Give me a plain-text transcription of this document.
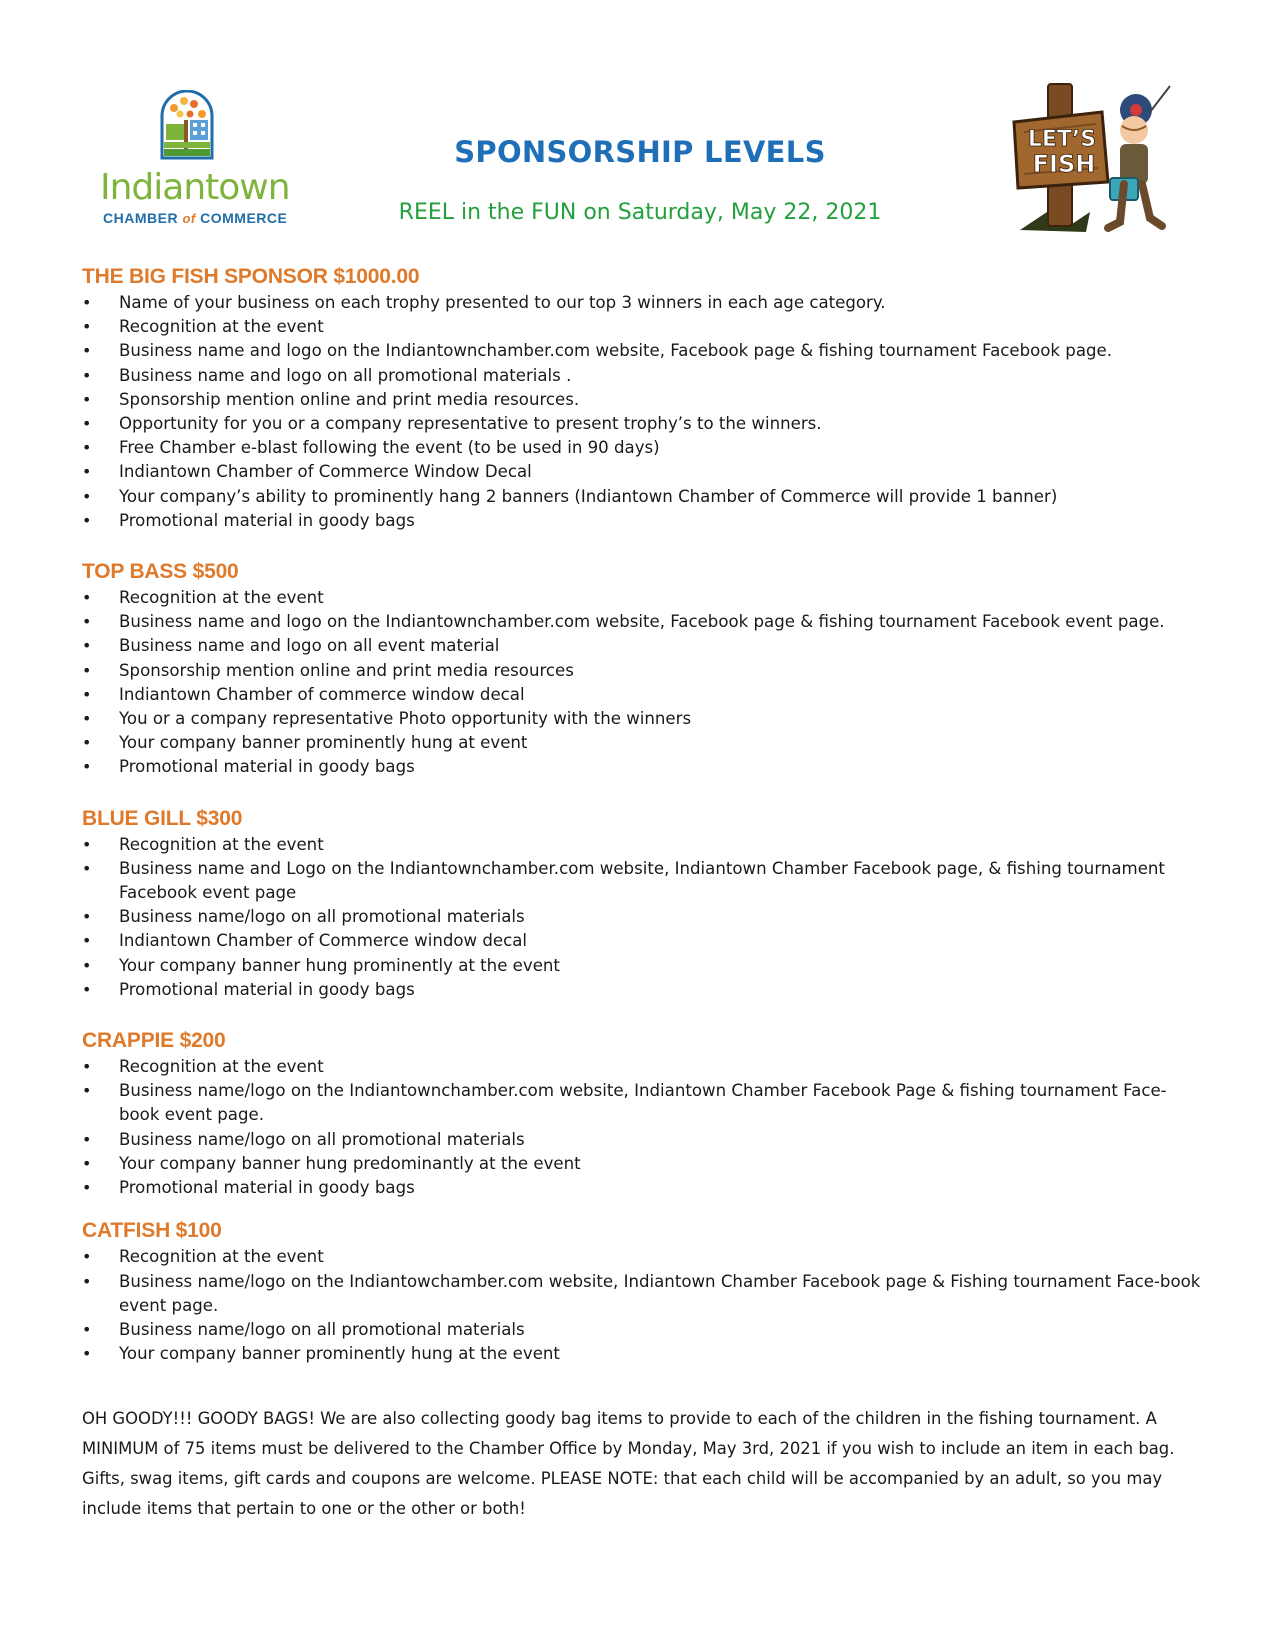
Indiantown
CHAMBER of COMMERCE
SPONSORSHIP LEVELS

REEL in the FUN on Saturday, May 22, 2021

LET’S
FISH
THE BIG FISH SPONSOR $1000.00
• Name of your business on each trophy presented to our top 3 winners in each age category.
• Recognition at the event
• Business name and logo on the Indiantownchamber.com website, Facebook page & fishing tournament Facebook page.
• Business name and logo on all promotional materials .
• Sponsorship mention online and print media resources.
• Opportunity for you or a company representative to present trophy’s to the winners.
• Free Chamber e-blast following the event (to be used in 90 days)
• Indiantown Chamber of Commerce Window Decal
• Your company’s ability to prominently hang 2 banners (Indiantown Chamber of Commerce will provide 1 banner)
• Promotional material in goody bags
TOP BASS $500
• Recognition at the event
• Business name and logo on the Indiantownchamber.com website, Facebook page & fishing tournament Facebook event page.
• Business name and logo on all event material
• Sponsorship mention online and print media resources
• Indiantown Chamber of commerce window decal
• You or a company representative Photo opportunity with the winners
• Your company banner prominently hung at event
• Promotional material in goody bags
BLUE GILL $300
• Recognition at the event
• Business name and Logo on the Indiantownchamber.com website, Indiantown Chamber Facebook page, & fishing tournament Facebook event page
• Business name/logo on all promotional materials
• Indiantown Chamber of Commerce window decal
• Your company banner hung prominently at the event
• Promotional material in goody bags
CRAPPIE $200
• Recognition at the event
• Business name/logo on the Indiantownchamber.com website, Indiantown Chamber Facebook Page & fishing tournament Face-book event page.
• Business name/logo on all promotional materials
• Your company banner hung predominantly at the event
• Promotional material in goody bags
CATFISH $100
• Recognition at the event
• Business name/logo on the Indiantowchamber.com website, Indiantown Chamber Facebook page & Fishing tournament Face-book event page.
• Business name/logo on all promotional materials
• Your company banner prominently hung at the event

OH GOODY!!! GOODY BAGS! We are also collecting goody bag items to provide to each of the children in the fishing tournament. A MINIMUM of 75 items must be delivered to the Chamber Office by Monday, May 3rd, 2021 if you wish to include an item in each bag. Gifts, swag items, gift cards and coupons are welcome. PLEASE NOTE: that each child will be accompanied by an adult, so you may include items that pertain to one or the other or both!
